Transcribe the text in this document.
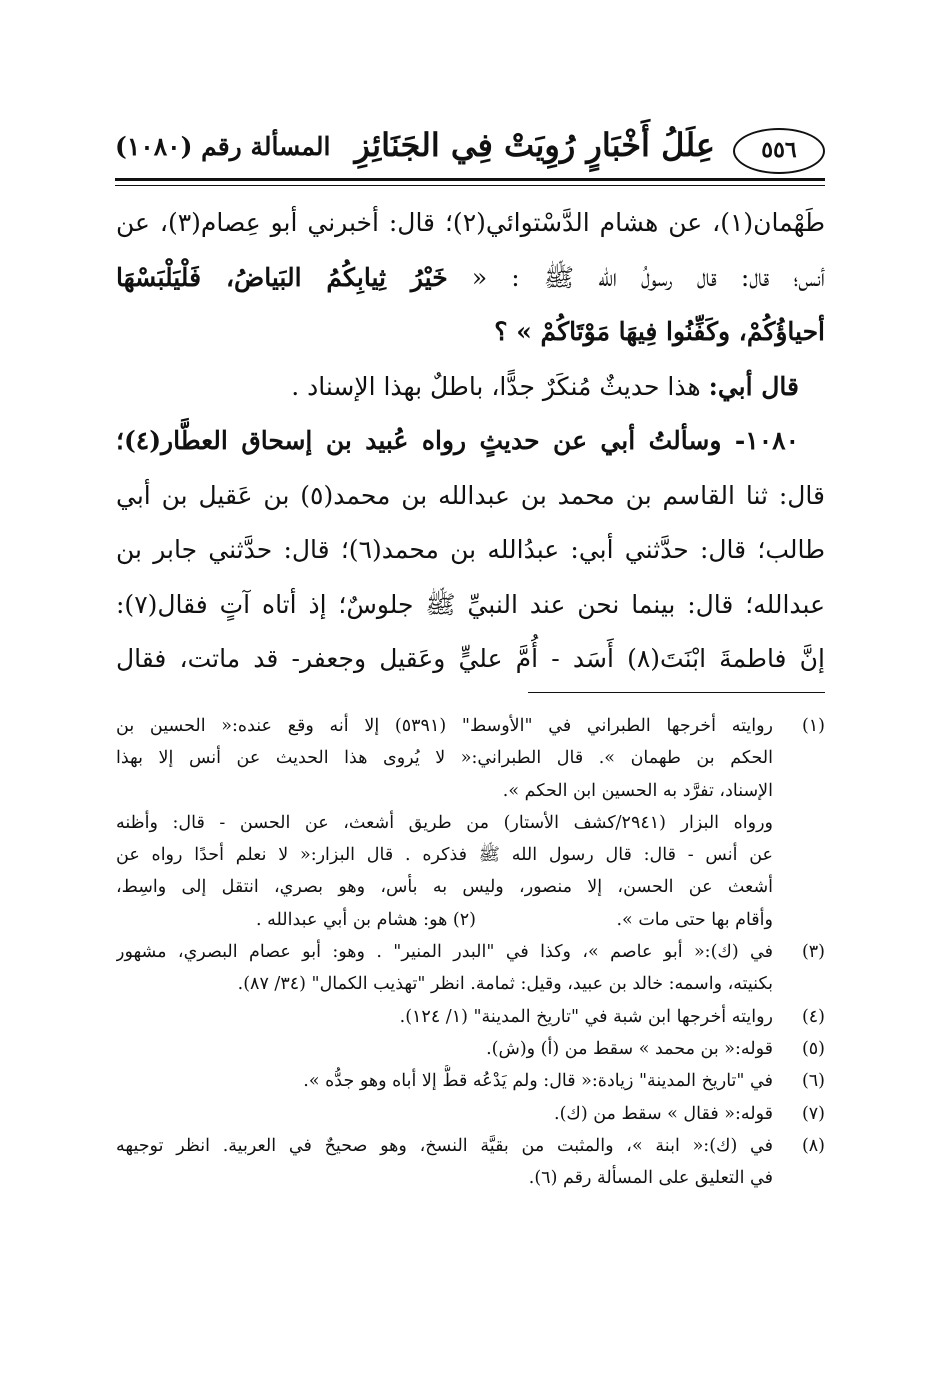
٥٥٦
عِلَلُ أَخْبَارٍ رُوِيَتْ فِي الجَنَائِزِ
المسألة رقم (١٠٨٠)
طَهْمان(١)، عن هشام الدَّسْتوائي(٢)؛ قال: أخبرني أبو عِصام(٣)، عن
أنس؛ قال: قال رسولُ الله ﷺ : « خَيْرُ ثِيابِكُمُ البَياضُ، فَلْيَلْبَسْهَا
أحياؤُكُمْ، وكَفِّنُوا فِيهَا مَوْتَاكُمْ » ؟
قال أبي: هذا حديثٌ مُنكَرٌ جدًّا، باطلٌ بهذا الإسناد .
١٠٨٠- وسألتُ أبي عن حديثٍ رواه عُبيد بن إسحاق العطَّار(٤)؛
قال: ثنا القاسم بن محمد بن عبدالله بن محمد(٥) بن عَقيل بن أبي
طالب؛ قال: حدَّثني أبي: عبدُالله بن محمد(٦)؛ قال: حدَّثني جابر بن
عبدالله؛ قال: بينما نحن عند النبيِّ ﷺ جلوسٌ؛ إذ أتاه آتٍ فقال(٧):
إنَّ فاطمةَ ابْنَتَ(٨) أَسَد - أُمَّ عليٍّ وعَقيل وجعفر- قد ماتت، فقال
(١)
روايته أخرجها الطبراني في "الأوسط" (٥٣٩١) إلا أنه وقع عنده:« الحسين بن
الحكم بن طهمان ». قال الطبراني:« لا يُروى هذا الحديث عن أنس إلا بهذا
الإسناد، تفرَّد به الحسين ابن الحكم ».
ورواه البزار (٢٩٤١/كشف الأستار) من طريق أشعث، عن الحسن - قال: وأظنه
عن أنس - قال: قال رسول الله ﷺ فذكره . قال البزار:« لا نعلم أحدًا رواه عن
أشعث عن الحسن، إلا منصور، وليس به بأس، وهو بصري، انتقل إلى واسِط،
وأقام بها حتى مات ».
(٢) هو: هشام بن أبي عبدالله .
(٣)
في (ك):« أبو عاصم »، وكذا في "البدر المنير" . وهو: أبو عصام البصري، مشهور
بكنيته، واسمه: خالد بن عبيد، وقيل: ثمامة. انظر "تهذيب الكمال" (٣٤/ ٨٧).
(٤)
روايته أخرجها ابن شبة في "تاريخ المدينة" (١/ ١٢٤).
(٥)
قوله:« بن محمد » سقط من (أ) و(ش).
(٦)
في "تاريخ المدينة" زيادة:« قال: ولم يَدْعُه قطُّ إلا أباه وهو جدُّه ».
(٧)
قوله:« فقال » سقط من (ك).
(٨)
في (ك):« ابنة »، والمثبت من بقيَّة النسخ، وهو صحيحٌ في العربية. انظر توجيهه
في التعليق على المسألة رقم (٦).
